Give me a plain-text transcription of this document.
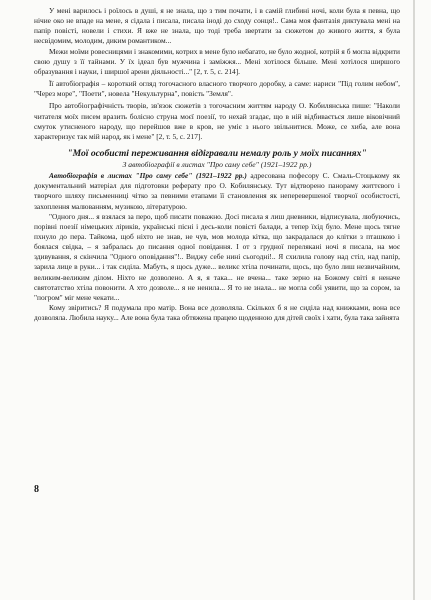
У мені варилось і роїлось в душі, я не знала, що з тим почати, і в самій глибині ночі, коли була я певна, що нічие око не впаде на мене, я сідала і писала, писала іноді до сходу сонця!.. Сама моя фантазія диктувала мені на папір повісті, новели і стихи. Я вже не знала, що тоді треба звертати за сюжетом до живого життя, я була несвідомим, молодим, диким романтиком...

Межи моїми ровесницями і знакомими, котрих в мене було небагато, не було жодної, котрій я б могла відкрити свою душу з її тайнами. У їх ідеал був мужчина і заміжжя... Мені хотілося більше. Мені хотілося ширшого образування і науки, і ширшої арени діяльності..." [2, т. 5, с. 214].

Її автобіографія – короткий огляд тогочасного власного творчого доробку, а саме: нариси "Під голим небом", "Через море", "Поети", новела "Некультурна", повість "Земля".

Про автобіографічність творів, зв'язок сюжетів з тогочасним життям народу О. Кобилянська пише: "Наколи читателя моїх писем вразить болісно струна моєї поезії, то нехай згадає, що в ній відбивається лише віковічний смуток утисненого народу, що перейшов вже в кров, не уміє з нього звільнитися. Може, се хиба, але вона характеризує так мій народ, як і мене" [2, т. 5, с. 217].

"Мої особисті переживання відігравали немалу роль у моїх писаннях"
З автобіографії в листах "Про саму себе" (1921–1922 рр.)

Автобіографія в листах "Про саму себе" (1921–1922 рр.) адресована пофесору С. Смаль-Стоцькому як документальний матеріал для підготовки реферату про О. Кобилянську. Тут відтворено панораму життєвого і творчого шляху письменниці чітко за певними етапами її становлення як неперевершеної творчої особистості, захоплення малюванням, музикою, літературою.

"Одного дня... я взялася за перо, щоб писати поважно. Досі писала я лиш дневники, відписувала, любуючись, порівні поезії німецьких ліриків, українські пісні і десь-коли повісті балади, а тепер їхід було. Мене щось тягне пхнуло до пера. Тайкома, щоб ніхто не знав, не чув, мов молода кітка, що закрадалася до клітки з пташкою і боялася свідка, – я забралась до писання одної повідання. І от з грудної перелякані ночі я писала, на моє здивування, я скінчила "Одного оповідання"!.. Виджу себе нині сьогодні!.. Я схилила голову над стіл, над папір, зарила лице в руки... і так сиділа. Мабуть, я щось дуже... великє хтіла починати, щось, що було лиш незвичайним, великим-великим ділом. Ніхто не дозволено. А я, я така... не вчена... таке зерно на Божому світі я неначе святотатство хтіла повонити. А хто дозволе... я не ненила... Я то не знала... не могла собі уявити, що за сором, за "погром" міг мене чекати...

Кому звіритись? Я подумала про матір. Вона все дозволяла. Скількох б я не сиділа над книжками, вона все дозволяла. Любила науку... Але вона була така обтяжена працею щоденною для дітей своїх і хати, була така зайнята

8
